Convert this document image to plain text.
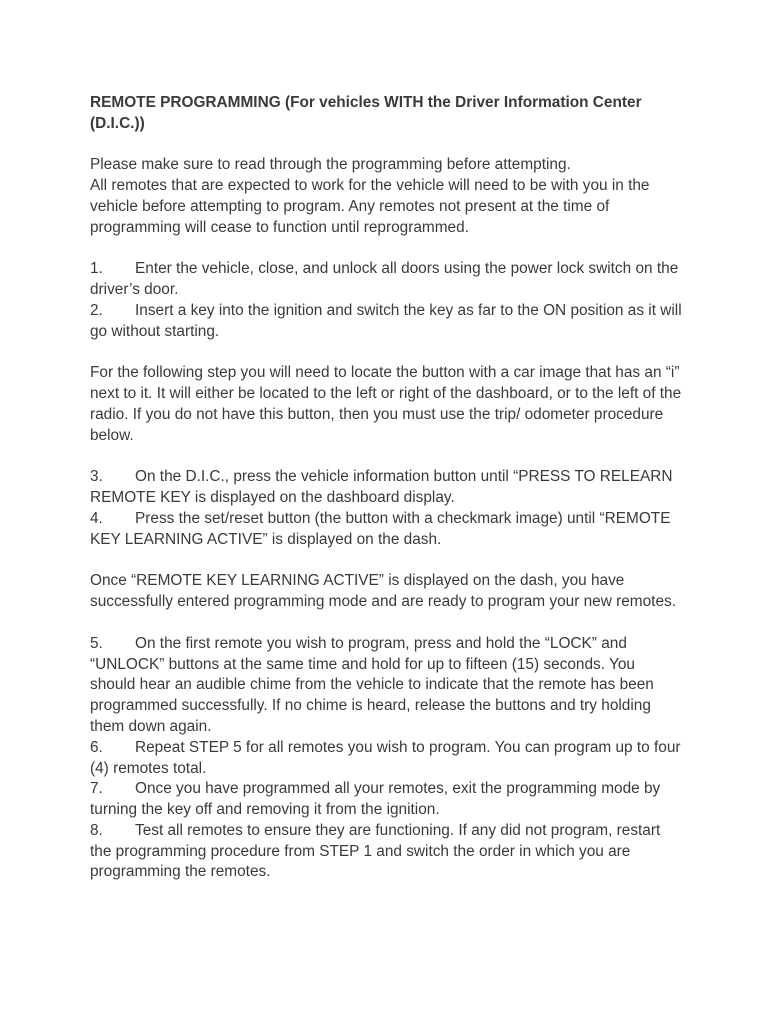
REMOTE PROGRAMMING (For vehicles WITH the Driver Information Center (D.I.C.))

Please make sure to read through the programming before attempting.

All remotes that are expected to work for the vehicle will need to be with you in the vehicle before attempting to program. Any remotes not present at the time of programming will cease to function until reprogrammed.

1. Enter the vehicle, close, and unlock all doors using the power lock switch on the driver’s door.

2. Insert a key into the ignition and switch the key as far to the ON position as it will go without starting.

For the following step you will need to locate the button with a car image that has an “i” next to it. It will either be located to the left or right of the dashboard, or to the left of the radio. If you do not have this button, then you must use the trip/ odometer procedure below.

3. On the D.I.C., press the vehicle information button until “PRESS TO RELEARN REMOTE KEY is displayed on the dashboard display.

4. Press the set/reset button (the button with a checkmark image) until “REMOTE KEY LEARNING ACTIVE” is displayed on the dash.

Once “REMOTE KEY LEARNING ACTIVE” is displayed on the dash, you have successfully entered programming mode and are ready to program your new remotes.

5. On the first remote you wish to program, press and hold the “LOCK” and “UNLOCK” buttons at the same time and hold for up to fifteen (15) seconds. You should hear an audible chime from the vehicle to indicate that the remote has been programmed successfully. If no chime is heard, release the buttons and try holding them down again.

6. Repeat STEP 5 for all remotes you wish to program. You can program up to four (4) remotes total.

7. Once you have programmed all your remotes, exit the programming mode by turning the key off and removing it from the ignition.

8. Test all remotes to ensure they are functioning. If any did not program, restart the programming procedure from STEP 1 and switch the order in which you are programming the remotes.
